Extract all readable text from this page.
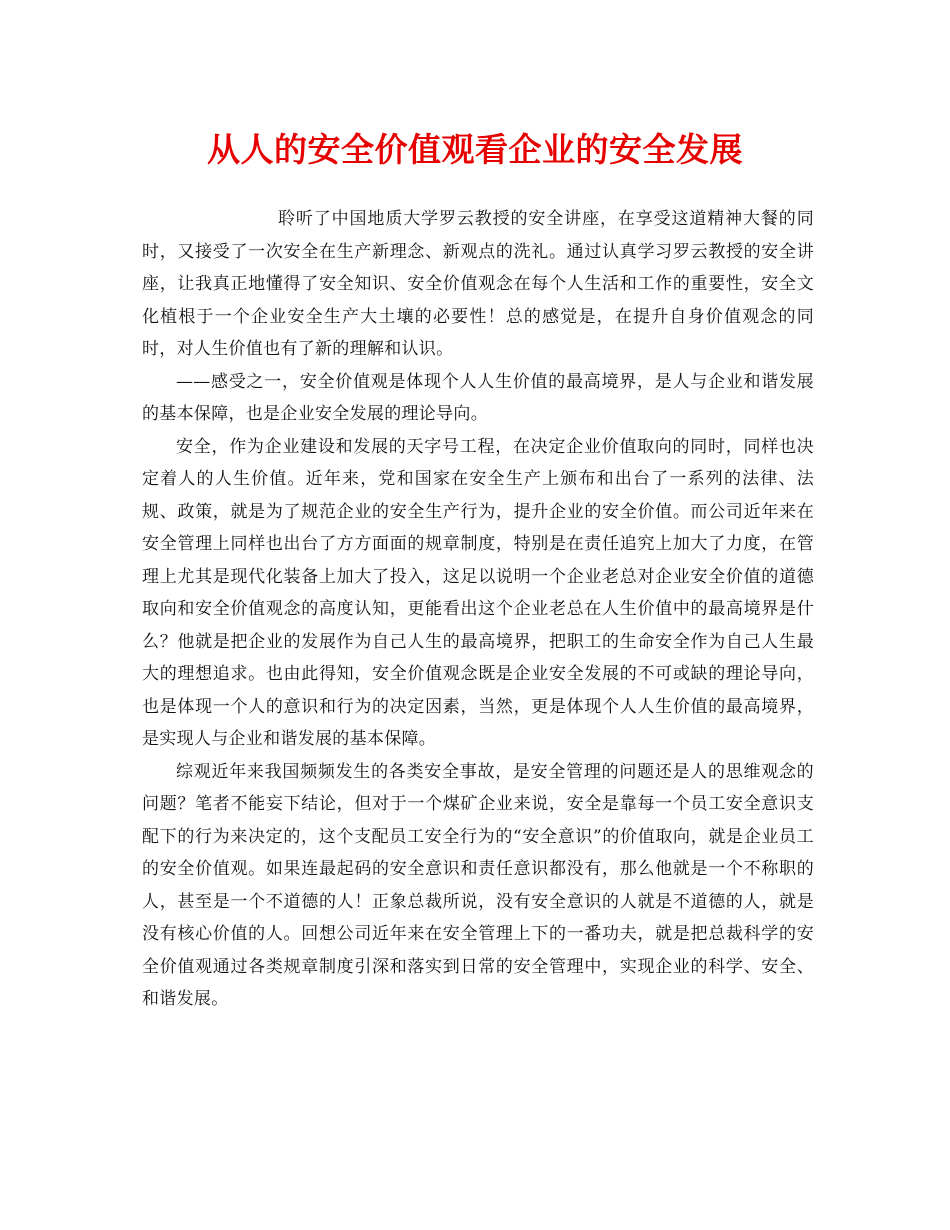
从人的安全价值观看企业的安全发展

聆听了中国地质大学罗云教授的安全讲座，在享受这道精神大餐的同时，又接受了一次安全在生产新理念、新观点的洗礼。通过认真学习罗云教授的安全讲座，让我真正地懂得了安全知识、安全价值观念在每个人生活和工作的重要性，安全文化植根于一个企业安全生产大土壤的必要性！总的感觉是，在提升自身价值观念的同时，对人生价值也有了新的理解和认识。

——感受之一，安全价值观是体现个人人生价值的最高境界，是人与企业和谐发展的基本保障，也是企业安全发展的理论导向。

安全，作为企业建设和发展的天字号工程，在决定企业价值取向的同时，同样也决定着人的人生价值。近年来，党和国家在安全生产上颁布和出台了一系列的法律、法规、政策，就是为了规范企业的安全生产行为，提升企业的安全价值。而公司近年来在安全管理上同样也出台了方方面面的规章制度，特别是在责任追究上加大了力度，在管理上尤其是现代化装备上加大了投入，这足以说明一个企业老总对企业安全价值的道德取向和安全价值观念的高度认知，更能看出这个企业老总在人生价值中的最高境界是什么？他就是把企业的发展作为自己人生的最高境界，把职工的生命安全作为自己人生最大的理想追求。也由此得知，安全价值观念既是企业安全发展的不可或缺的理论导向，也是体现一个人的意识和行为的决定因素，当然，更是体现个人人生价值的最高境界，是实现人与企业和谐发展的基本保障。

综观近年来我国频频发生的各类安全事故，是安全管理的问题还是人的思维观念的问题？笔者不能妄下结论，但对于一个煤矿企业来说，安全是靠每一个员工安全意识支配下的行为来决定的，这个支配员工安全行为的“安全意识”的价值取向，就是企业员工的安全价值观。如果连最起码的安全意识和责任意识都没有，那么他就是一个不称职的人，甚至是一个不道德的人！正象总裁所说，没有安全意识的人就是不道德的人，就是没有核心价值的人。回想公司近年来在安全管理上下的一番功夫，就是把总裁科学的安全价值观通过各类规章制度引深和落实到日常的安全管理中，实现企业的科学、安全、和谐发展。
